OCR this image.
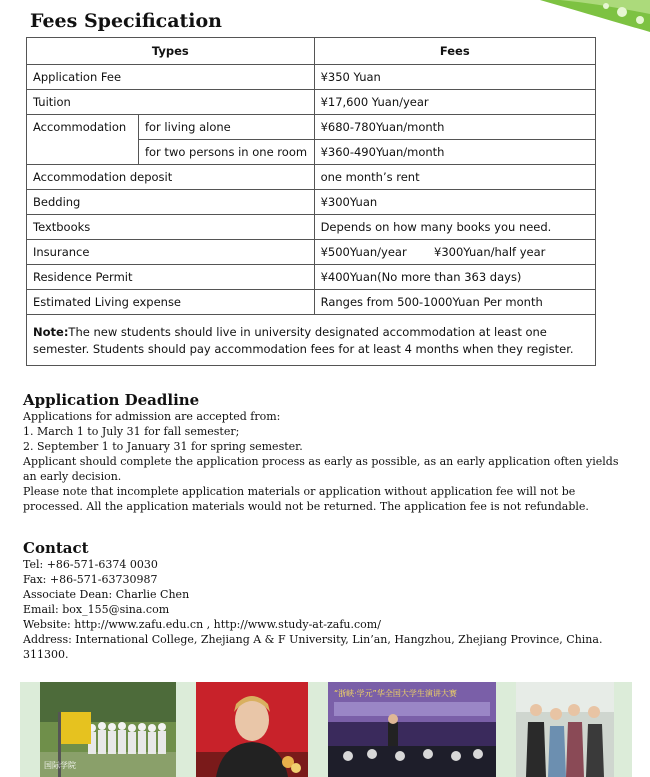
Fees Specification
Types		Fees
Application Fee		¥350 Yuan
Tuition		¥17,600 Yuan/year
Accommodation	for living alone	¥680-780Yuan/month
	for two persons in one room	¥360-490Yuan/month
Accommodation deposit		one month’s rent
Bedding		¥300Yuan
Textbooks		Depends on how many books you need.
Insurance		¥500Yuan/year ¥300Yuan/half year
Residence Permit		¥400Yuan(No more than 363 days)
Estimated Living expense		Ranges from 500-1000Yuan Per month
Note:The new students should live in university designated accommodation at least one semester. Students should pay accommodation fees for at least 4 months when they register.		
Application Deadline

Applications for admission are accepted from:

1. March 1 to July 31 for fall semester;

2. September 1 to January 31 for spring semester.

Applicant should complete the application process as early as possible, as an early application often yields an early decision.

Please note that incomplete application materials or application without application fee will not be processed. All the application materials would not be returned. The application fee is not refundable.

Contact

Tel: +86-571-6374 0030

Fax: +86-571-63730987

Associate Dean: Charlie Chen

Email: box_155@sina.com

Website: http://www.zafu.edu.cn , http://www.study-at-zafu.com/

Address: International College, Zhejiang A & F University, Lin’an, Hangzhou, Zhejiang Province, China. 311300.

国际学院
“浙峡·学元”华全国大学生演讲大赛
